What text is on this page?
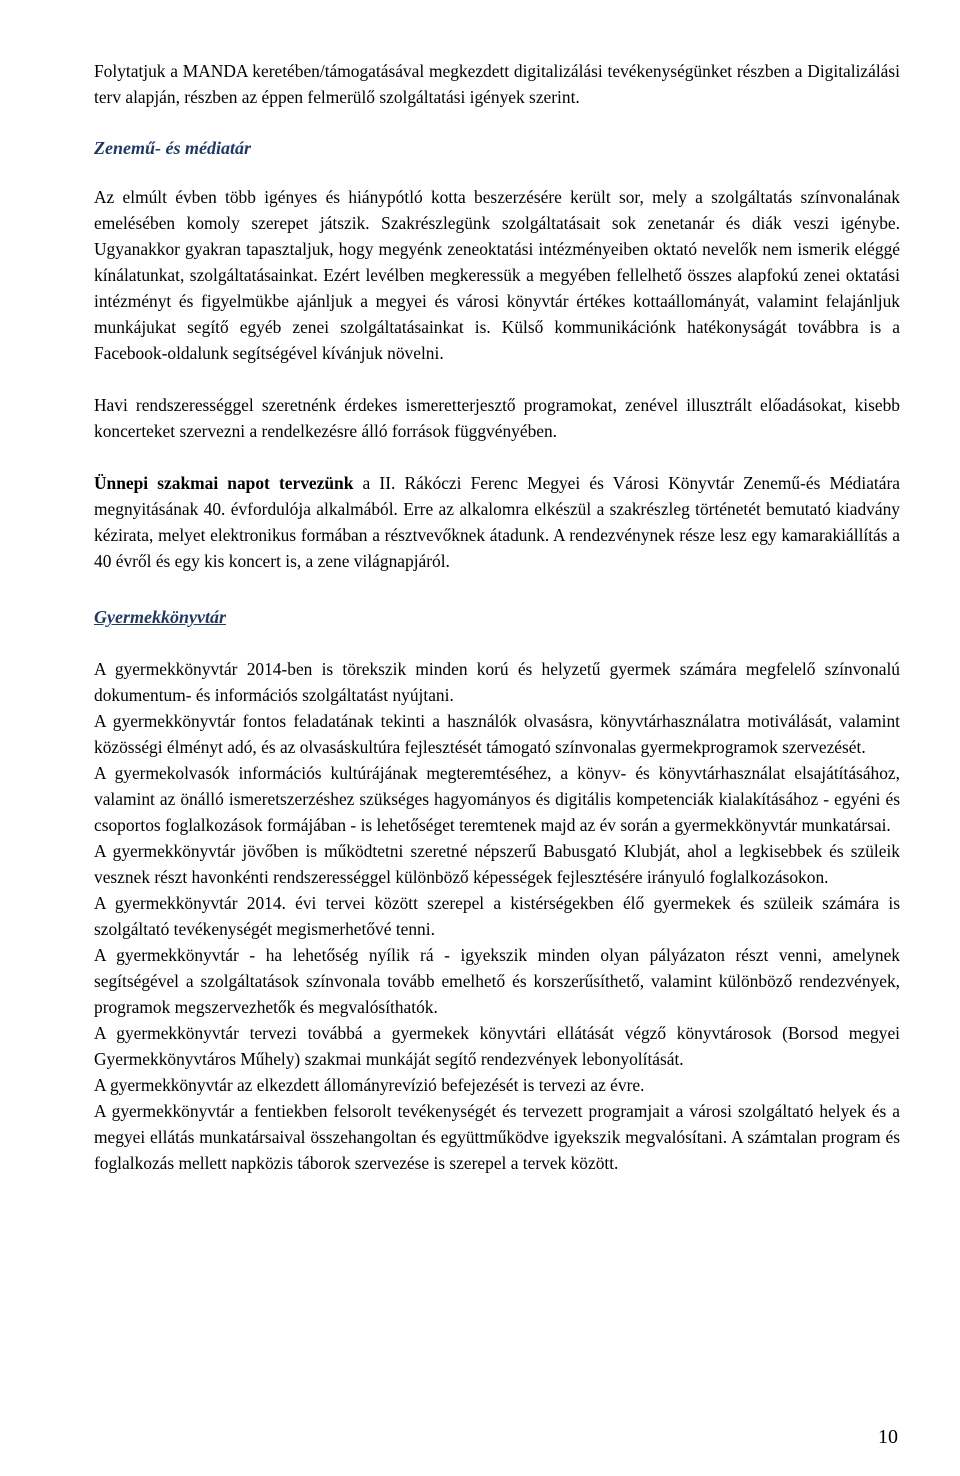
Folytatjuk a MANDA keretében/támogatásával megkezdett digitalizálási tevékenységünket részben a Digitalizálási terv alapján, részben az éppen felmerülő szolgáltatási igények szerint.

Zenemű- és médiatár

Az elmúlt évben több igényes és hiánypótló kotta beszerzésére került sor, mely a szolgáltatás színvonalának emelésében komoly szerepet játszik. Szakrészlegünk szolgáltatásait sok zenetanár és diák veszi igénybe. Ugyanakkor gyakran tapasztaljuk, hogy megyénk zeneoktatási intézményeiben oktató nevelők nem ismerik eléggé kínálatunkat, szolgáltatásainkat. Ezért levélben megkeressük a megyében fellelhető összes alapfokú zenei oktatási intézményt és figyelmükbe ajánljuk a megyei és városi könyvtár értékes kottaállományát, valamint felajánljuk munkájukat segítő egyéb zenei szolgáltatásainkat is. Külső kommunikációnk hatékonyságát továbbra is a Facebook-oldalunk segítségével kívánjuk növelni.

Havi rendszerességgel szeretnénk érdekes ismeretterjesztő programokat, zenével illusztrált előadásokat, kisebb koncerteket szervezni a rendelkezésre álló források függvényében.

Ünnepi szakmai napot tervezünk a II. Rákóczi Ferenc Megyei és Városi Könyvtár Zenemű-és Médiatára megnyitásának 40. évfordulója alkalmából. Erre az alkalomra elkészül a szakrészleg történetét bemutató kiadvány kézirata, melyet elektronikus formában a résztvevőknek átadunk. A rendezvénynek része lesz egy kamarakiállítás a 40 évről és egy kis koncert is, a zene világnapjáról.

Gyermekkönyvtár

A gyermekkönyvtár 2014-ben is törekszik minden korú és helyzetű gyermek számára megfelelő színvonalú dokumentum- és információs szolgáltatást nyújtani.

A gyermekkönyvtár fontos feladatának tekinti a használók olvasásra, könyvtárhasználatra motiválását, valamint közösségi élményt adó, és az olvasáskultúra fejlesztését támogató színvonalas gyermekprogramok szervezését.

A gyermekolvasók információs kultúrájának megteremtéséhez, a könyv- és könyvtárhasználat elsajátításához, valamint az önálló ismeretszerzéshez szükséges hagyományos és digitális kompetenciák kialakításához - egyéni és csoportos foglalkozások formájában - is lehetőséget teremtenek majd az év során a gyermekkönyvtár munkatársai.

A gyermekkönyvtár jövőben is működtetni szeretné népszerű Babusgató Klubját, ahol a legkisebbek és szüleik vesznek részt havonkénti rendszerességgel különböző képességek fejlesztésére irányuló foglalkozásokon.

A gyermekkönyvtár 2014. évi tervei között szerepel a kistérségekben élő gyermekek és szüleik számára is szolgáltató tevékenységét megismerhetővé tenni.

A gyermekkönyvtár - ha lehetőség nyílik rá - igyekszik minden olyan pályázaton részt venni, amelynek segítségével a szolgáltatások színvonala tovább emelhető és korszerűsíthető, valamint különböző rendezvények, programok megszervezhetők és megvalósíthatók.

A gyermekkönyvtár tervezi továbbá a gyermekek könyvtári ellátását végző könyvtárosok (Borsod megyei Gyermekkönyvtáros Műhely) szakmai munkáját segítő rendezvények lebonyolítását.

A gyermekkönyvtár az elkezdett állományrevízió befejezését is tervezi az évre.

A gyermekkönyvtár a fentiekben felsorolt tevékenységét és tervezett programjait a városi szolgáltató helyek és a megyei ellátás munkatársaival összehangoltan és együttműködve igyekszik megvalósítani. A számtalan program és foglalkozás mellett napközis táborok szervezése is szerepel a tervek között.

10
